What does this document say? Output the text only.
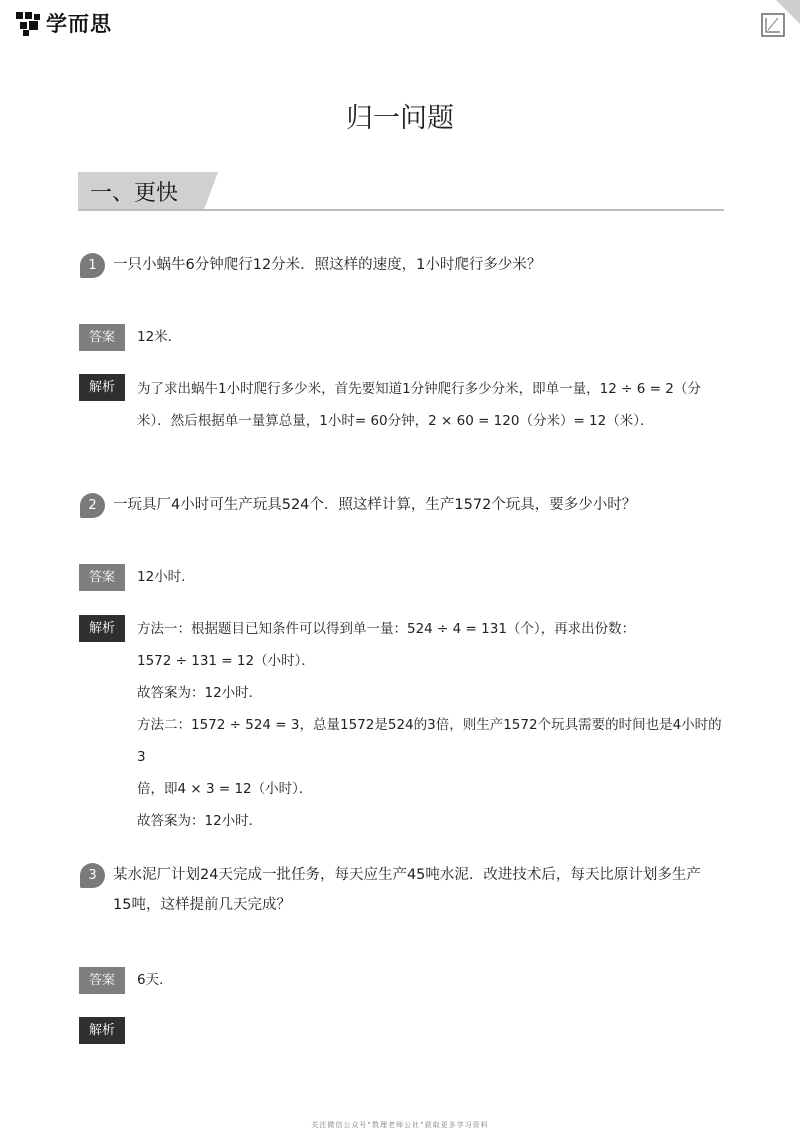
学而思
归一问题
一、更快
1	一只小蜗牛6分钟爬行12分米．照这样的速度，1小时爬行多少米？
答案	12米．
解析	为了求出蜗牛1小时爬行多少米，首先要知道1分钟爬行多少分米，即单一量，12 ÷ 6 = 2（分

米）．然后根据单一量算总量，1小时= 60分钟，2 × 60 = 120（分米）= 12（米）．

2	一玩具厂4小时可生产玩具524个．照这样计算，生产1572个玩具，要多少小时？
答案	12小时．
解析	方法一：根据题目已知条件可以得到单一量：524 ÷ 4 = 131（个），再求出份数：

1572 ÷ 131 = 12（小时）．

故答案为：12小时．

方法二：1572 ÷ 524 = 3，总量1572是524的3倍，则生产1572个玩具需要的时间也是4小时的3

倍，即4 × 3 = 12（小时）．

故答案为：12小时．

3	某水泥厂计划24天完成一批任务，每天应生产45吨水泥．改进技术后，每天比原计划多生产15吨，这样提前几天完成？
答案	6天．
解析
关注微信公众号“数理老师公社”获取更多学习资料
